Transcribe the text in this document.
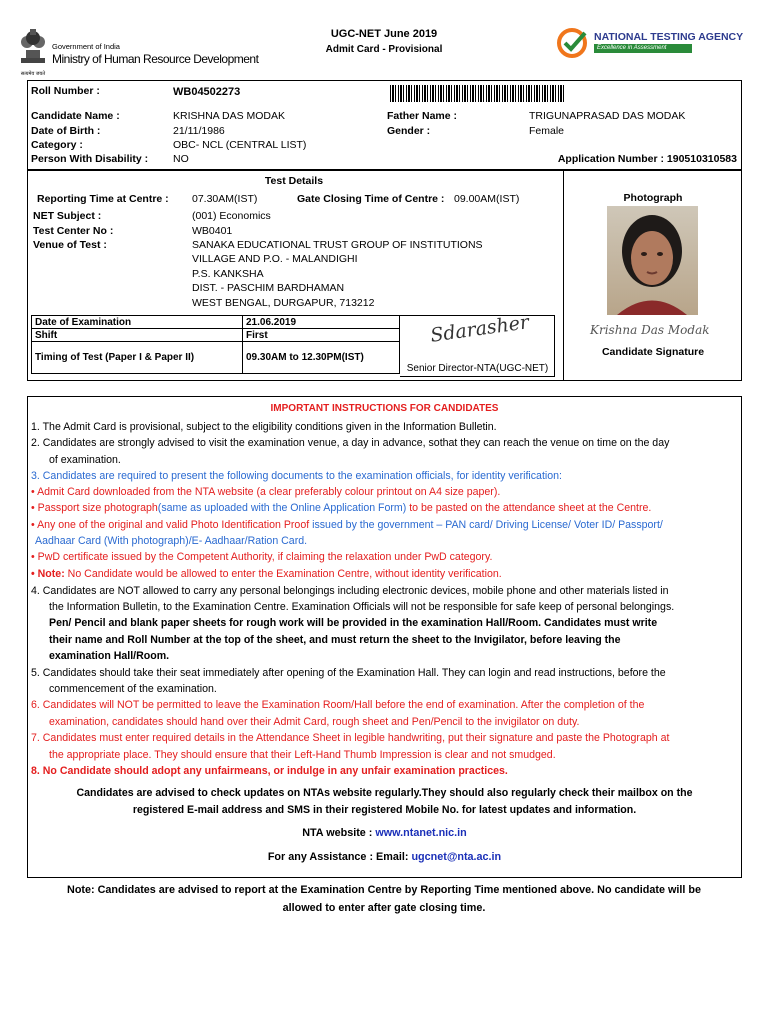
सत्यमेव जयते
Government of India
Ministry of Human Resource Development
UGC-NET June 2019
Admit Card - Provisional
NATIONAL TESTING AGENCY
Excellence in Assessment
Roll Number :	WB04502273
Candidate Name :	KRISHNA DAS MODAK	Father Name :	TRIGUNAPRASAD DAS MODAK
Date of Birth :	21/11/1986	Gender :	Female
Category :	OBC- NCL (CENTRAL LIST)
Person With Disability : NO	Application Number : 190510310583
Test Details
Reporting Time at Centre : 07.30AM(IST)	Gate Closing Time of Centre : 09.00AM(IST)
NET Subject :	(001) Economics
Test Center No :	WB0401
Venue of Test :	SANAKA EDUCATIONAL TRUST GROUP OF INSTITUTIONS
VILLAGE AND P.O. - MALANDIGHI
P.S. KANKSHA
DIST. - PASCHIM BARDHAMAN
WEST BENGAL, DURGAPUR, 713212
Date of Examination	21.06.2019
Shift	First
Timing of Test (Paper I & Paper II)	09.30AM to 12.30PM(IST)
Sdarasher
Senior Director-NTA(UGC-NET)
Photograph
Krishna Das Modak
Candidate Signature
IMPORTANT INSTRUCTIONS FOR CANDIDATES
1. The Admit Card is provisional, subject to the eligibility conditions given in the Information Bulletin.
2. Candidates are strongly advised to visit the examination venue, a day in advance, sothat they can reach the venue on time on the day
of examination.
3. Candidates are required to present the following documents to the examination officials, for identity verification:
• Admit Card downloaded from the NTA website (a clear preferably colour printout on A4 size paper).
• Passport size photograph(same as uploaded with the Online Application Form) to be pasted on the attendance sheet at the Centre.
• Any one of the original and valid Photo Identification Proof issued by the government – PAN card/ Driving License/ Voter ID/ Passport/
Aadhaar Card (With photograph)/E- Aadhaar/Ration Card.
• PwD certificate issued by the Competent Authority, if claiming the relaxation under PwD category.
• Note: No Candidate would be allowed to enter the Examination Centre, without identity verification.
4. Candidates are NOT allowed to carry any personal belongings including electronic devices, mobile phone and other materials listed in
the Information Bulletin, to the Examination Centre. Examination Officials will not be responsible for safe keep of personal belongings.
Pen/ Pencil and blank paper sheets for rough work will be provided in the examination Hall/Room. Candidates must write
their name and Roll Number at the top of the sheet, and must return the sheet to the Invigilator, before leaving the
examination Hall/Room.
5. Candidates should take their seat immediately after opening of the Examination Hall. They can login and read instructions, before the
commencement of the examination.
6. Candidates will NOT be permitted to leave the Examination Room/Hall before the end of examination. After the completion of the
examination, candidates should hand over their Admit Card, rough sheet and Pen/Pencil to the invigilator on duty.
7. Candidates must enter required details in the Attendance Sheet in legible handwriting, put their signature and paste the Photograph at
the appropriate place. They should ensure that their Left-Hand Thumb Impression is clear and not smudged.
8. No Candidate should adopt any unfairmeans, or indulge in any unfair examination practices.
Candidates are advised to check updates on NTAs website regularly.They should also regularly check their mailbox on the
registered E-mail address and SMS in their registered Mobile No. for latest updates and information.
NTA website : www.ntanet.nic.in
For any Assistance : Email: ugcnet@nta.ac.in
Note: Candidates are advised to report at the Examination Centre by Reporting Time mentioned above. No candidate will be
allowed to enter after gate closing time.
